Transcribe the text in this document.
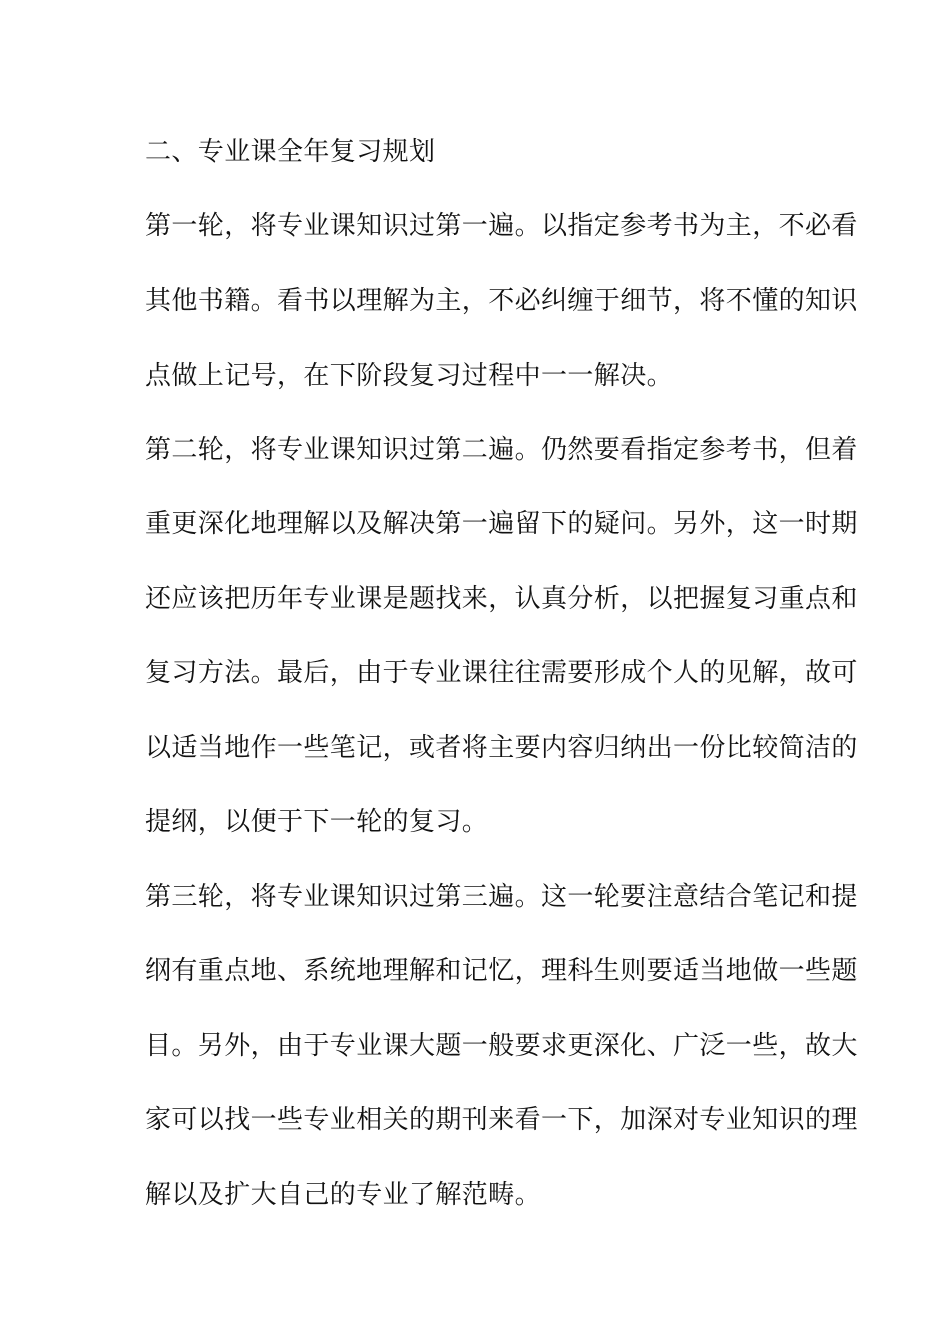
二、专业课全年复习规划

第一轮，将专业课知识过第一遍。以指定参考书为主，不必看

其他书籍。看书以理解为主，不必纠缠于细节，将不懂的知识

点做上记号，在下阶段复习过程中一一解决。

第二轮，将专业课知识过第二遍。仍然要看指定参考书，但着

重更深化地理解以及解决第一遍留下的疑问。另外，这一时期

还应该把历年专业课是题找来，认真分析，以把握复习重点和

复习方法。最后，由于专业课往往需要形成个人的见解，故可

以适当地作一些笔记，或者将主要内容归纳出一份比较简洁的

提纲，以便于下一轮的复习。

第三轮，将专业课知识过第三遍。这一轮要注意结合笔记和提

纲有重点地、系统地理解和记忆，理科生则要适当地做一些题

目。另外，由于专业课大题一般要求更深化、广泛一些，故大

家可以找一些专业相关的期刊来看一下，加深对专业知识的理

解以及扩大自己的专业了解范畴。
